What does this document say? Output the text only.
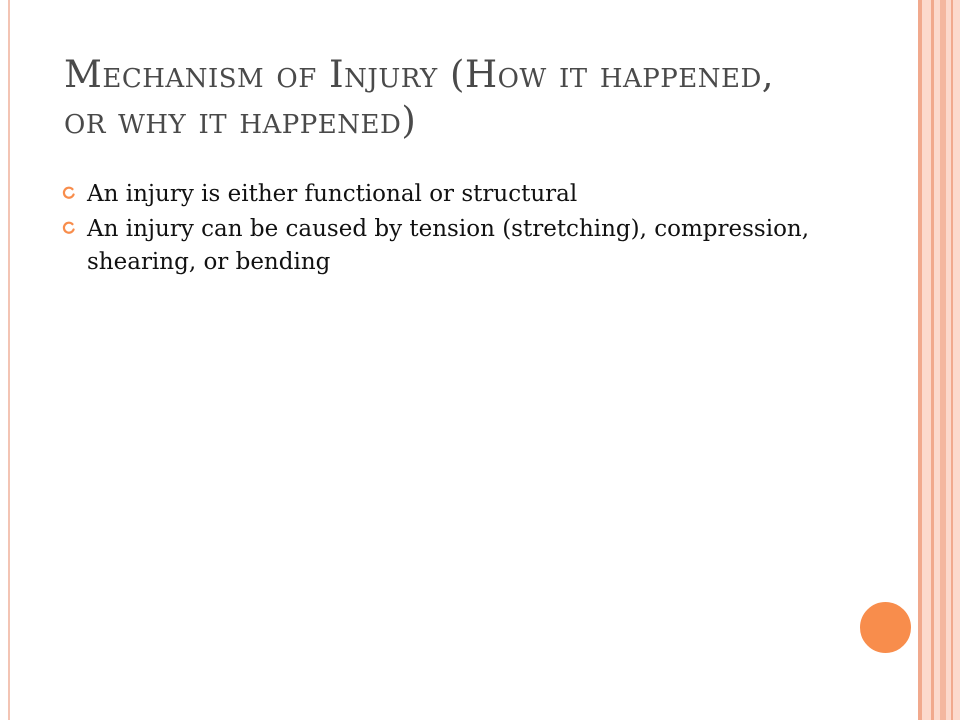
Mechanism of Injury (How it happened, or why it happened)
An injury is either functional or structural
An injury can be caused by tension (stretching), compression, shearing, or bending
